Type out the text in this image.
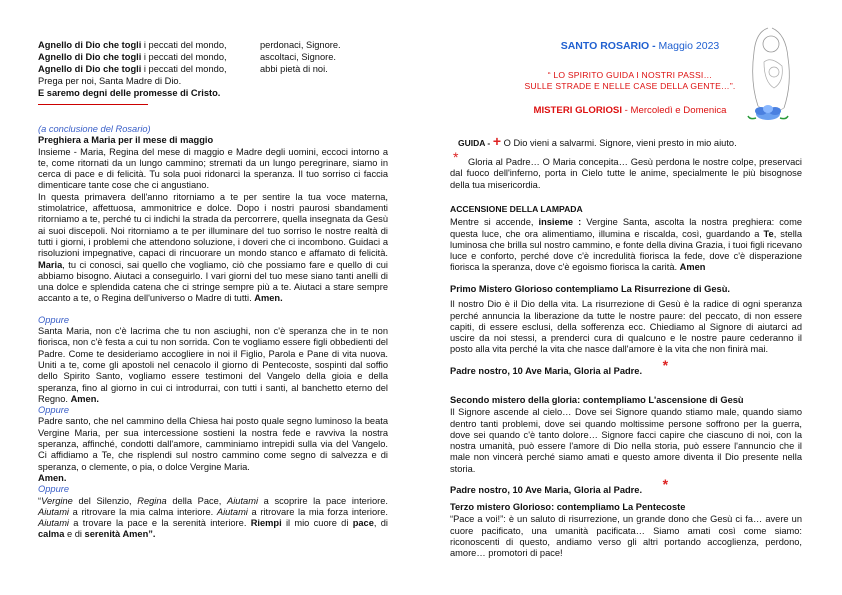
Agnello di Dio che togli i peccati del mondo,	perdonaci, Signore.
Agnello di Dio che togli i peccati del mondo,	ascoltaci, Signore.
Agnello di Dio che togli i peccati del mondo,	abbi pietà di noi.
Prega per noi, Santa Madre di Dio.
E saremo degni delle promesse di Cristo.

(a conclusione del Rosario)

Preghiera a Maria per il mese di maggio

Insieme - Maria, Regina del mese di maggio e Madre degli uomini, eccoci intorno a te, come ritornati da un lungo cammino; stremati da un lungo peregrinare, siamo in cerca di pace e di felicità. Tu sola puoi ridonarci la speranza. Il tuo sorriso ci faccia dimenticare tante cose che ci angustiano.

In questa primavera dell'anno ritorniamo a te per sentire la tua voce materna, stimolatrice, affettuosa, ammonitrice e dolce. Dopo i nostri paurosi sbandamenti ritorniamo a te, perché tu ci indichi la strada da percorrere, quella insegnata da Gesù ai suoi discepoli. Noi ritorniamo a te per illuminare del tuo sorriso le nostre realtà di tutti i giorni, i problemi che attendono soluzione, i doveri che ci incombono. Guidaci a risoluzioni impegnative, capaci di rincuorare un mondo stanco e affamato di felicità. Maria, tu ci conosci, sai quello che vogliamo, ciò che possiamo fare e quello di cui abbiamo bisogno. Aiutaci a conseguirlo. I vari giorni del tuo mese siano tanti anelli di una dolce e splendida catena che ci stringe sempre più a te. Aiutaci a stare sempre accanto a te, o Regina dell'universo o Madre di tutti. Amen.

Oppure

Santa Maria, non c'è lacrima che tu non asciughi, non c'è speranza che in te non fiorisca, non c'è festa a cui tu non sorrida. Con te vogliamo essere figli obbedienti del Padre. Come te desideriamo accogliere in noi il Figlio, Parola e Pane di vita nuova. Uniti a te, come gli apostoli nel cenacolo il giorno di Pentecoste, sospinti dal soffio dello Spirito Santo, vogliamo essere testimoni del Vangelo della gioia e della speranza, fino al giorno in cui ci introdurrai, con tutti i santi, al banchetto eterno del Regno. Amen.

Oppure

Padre santo, che nel cammino della Chiesa hai posto quale segno luminoso la beata Vergine Maria, per sua intercessione sostieni la nostra fede e ravviva la nostra speranza, affinché, condotti dall'amore, camminiamo intrepidi sulla via del Vangelo. Ci affidiamo a Te, che risplendi sul nostro cammino come segno di salvezza e di speranza, o clemente, o pia, o dolce Vergine Maria.
Amen.

Oppure

“Vergine del Silenzio, Regina della Pace, Aiutami a scoprire la pace interiore. Aiutami a ritrovare la mia calma interiore. Aiutami a ritrovare la mia forza interiore. Aiutami a trovare la pace e la serenità interiore. Riempi il mio cuore di pace, di calma e di serenità Amen”.

SANTO ROSARIO - Maggio 2023
“ LO SPIRITO GUIDA I NOSTRI PASSI…
SULLE STRADE E NELLE CASE DELLA GENTE…”.
MISTERI GLORIOSI - Mercoledì e Domenica
GUIDA - + O Dio vieni a salvarmi. Signore, vieni presto in mio aiuto.
*	Gloria al Padre… O Maria concepita… Gesù perdona le nostre colpe, preservaci dal fuoco dell'inferno, porta in Cielo tutte le anime, specialmente le più bisognose della tua misericordia.

ACCENSIONE DELLA LAMPADA

Mentre si accende, insieme : Vergine Santa, ascolta la nostra preghiera: come questa luce, che ora alimentiamo, illumina e riscalda, così, guardando a Te, stella luminosa che brilla sul nostro cammino, e fonte della divina Grazia, i tuoi figli ricevano luce e conforto, perché dove c'è incredulità fiorisca la fede, dove c'è disperazione fiorisca la speranza, dove c'è egoismo fiorisca la carità. Amen

Primo Mistero Glorioso contempliamo La Risurrezione di Gesù.

Il nostro Dio è il Dio della vita. La risurrezione di Gesù è la radice di ogni speranza perché annuncia la liberazione da tutte le nostre paure: del peccato, di non essere capiti, di essere esclusi, della sofferenza ecc. Chiediamo al Signore di aiutarci ad uscire da noi stessi, a prenderci cura di qualcuno e le nostre paure cederanno il posto alla vita perché la vita che nasce dall'amore è la vita che non finirà mai.

Padre nostro, 10 Ave Maria, Gloria al Padre. *

Secondo mistero della gloria: contempliamo L'ascensione di Gesù

Il Signore ascende al cielo… Dove sei Signore quando stiamo male, quando siamo dentro tanti problemi, dove sei quando moltissime persone soffrono per la guerra, dove sei quando c'è tanto dolore… Signore facci capire che ciascuno di noi, con la nostra umanità, può essere l'amore di Dio nella storia, può essere l'annuncio che il male non vincerà perché siamo amati e questo amore diventa il Dio presente nella storia.

Padre nostro, 10 Ave Maria, Gloria al Padre. *

Terzo mistero Glorioso: contempliamo La Pentecoste

“Pace a voi!”: è un saluto di risurrezione, un grande dono che Gesù ci fa… avere un cuore pacificato, una umanità pacificata… Siamo amati così come siamo: riconoscenti di questo, andiamo verso gli altri portando accoglienza, perdono, amore… promotori di pace!
